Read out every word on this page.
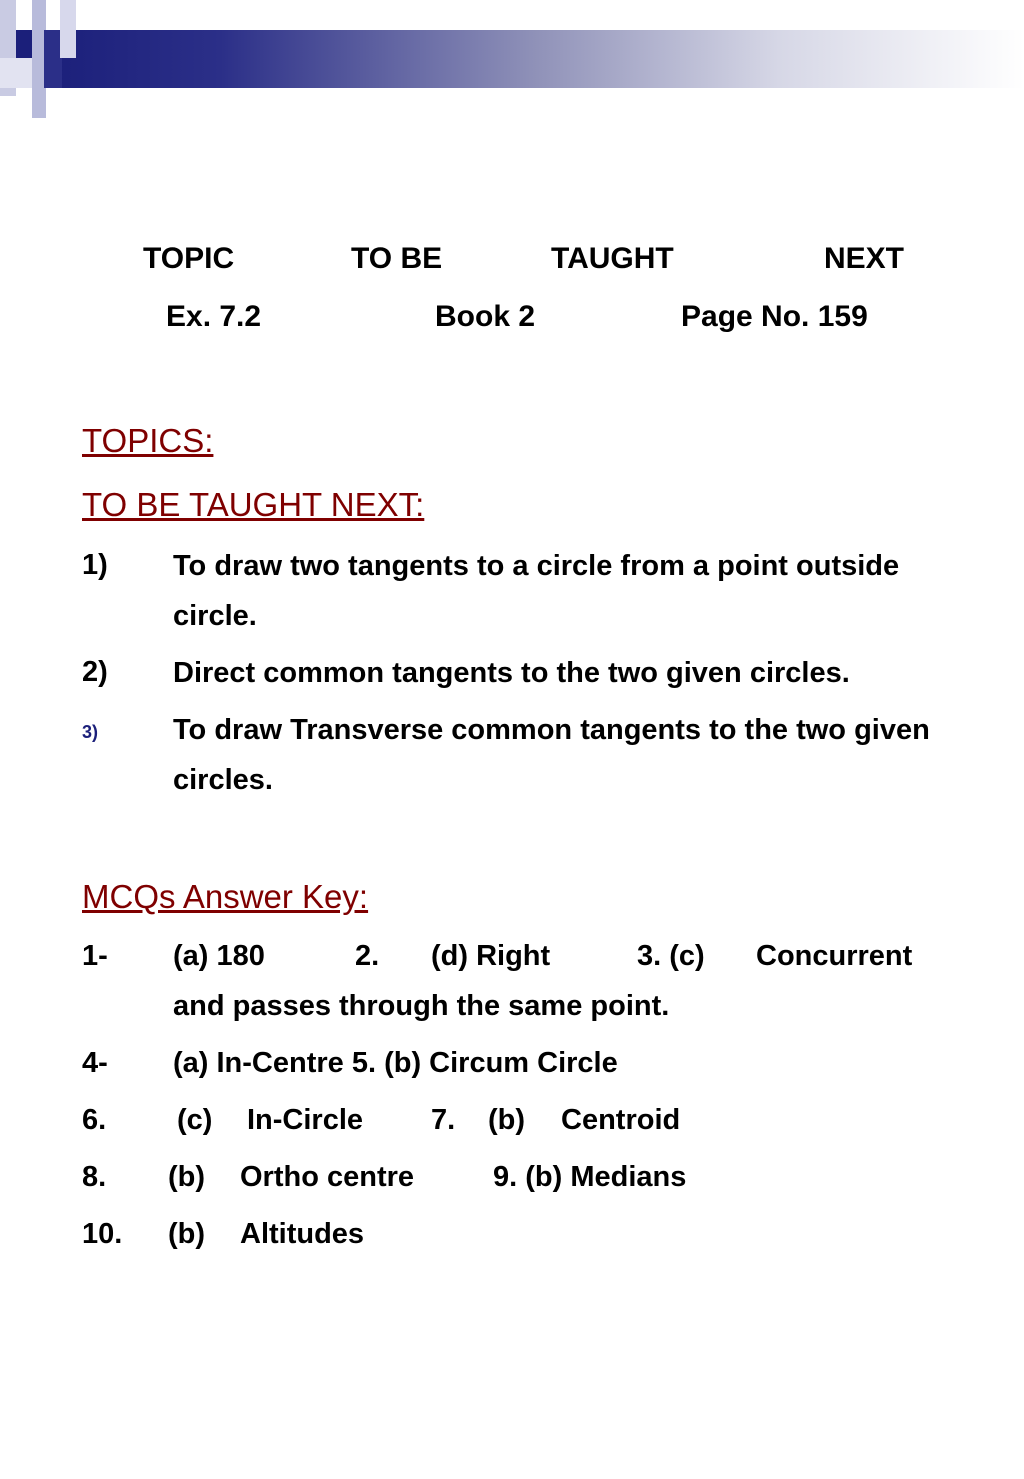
TOPIC	TO BE	TAUGHT	NEXT
Ex. 7.2	Book 2	Page No. 159
TOPICS:
TO BE TAUGHT NEXT:
1) To draw two tangents to a circle from a point outside circle.
2) Direct common tangents to the two given circles.
3)	To draw Transverse common tangents to the two given circles.
MCQs Answer Key:
1- (a) 180	2. (d) Right	3. (c) Concurrent
and passes through the same point.
4- (a) In-Centre 5. (b) Circum Circle
6. (c) In-Circle 7. (b) Centroid
8. (b) Ortho centre	9. (b) Medians
10. (b) Altitudes
